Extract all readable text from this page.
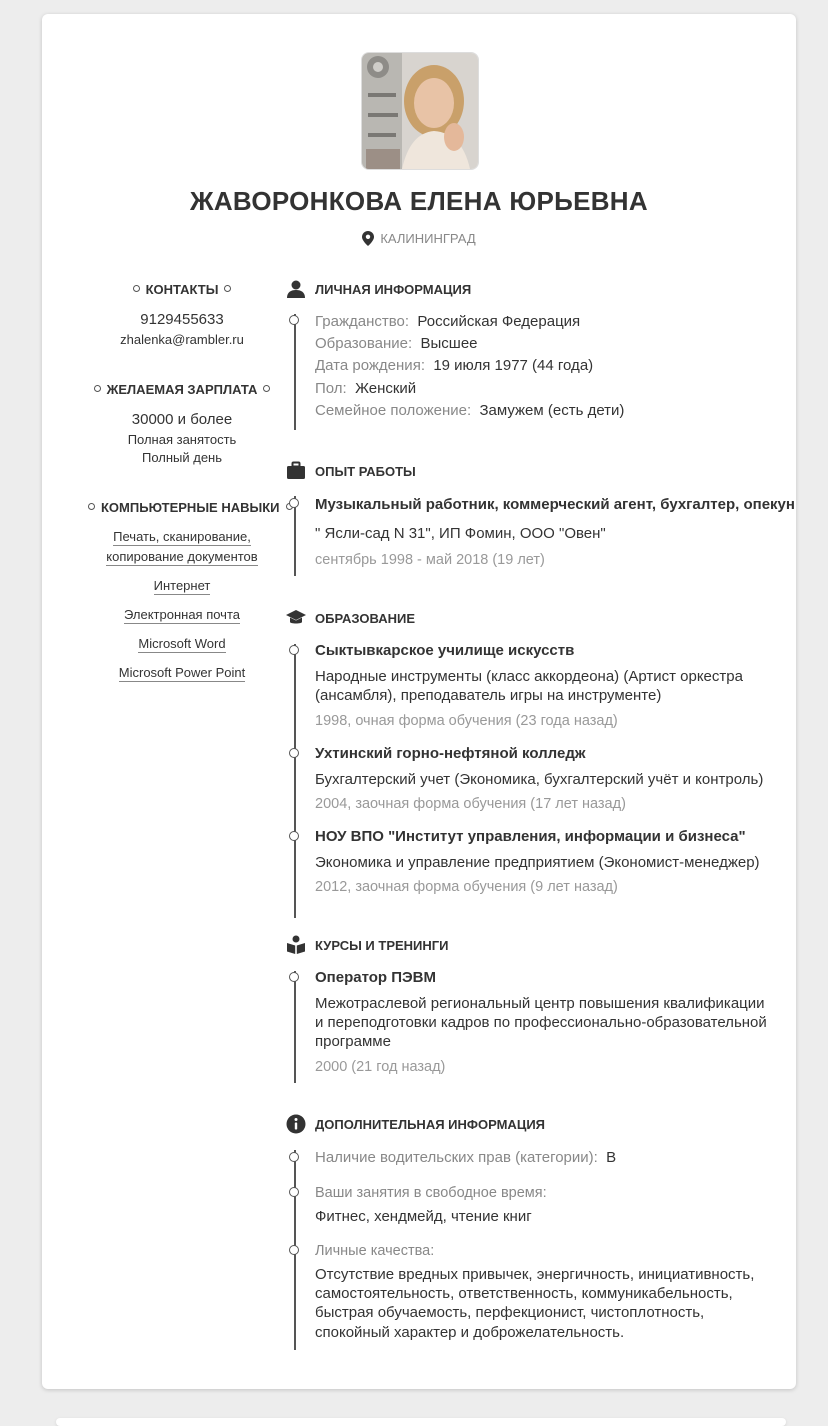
ЖАВОРОНКОВА ЕЛЕНА ЮРЬЕВНА
КАЛИНИНГРАД
КОНТАКТЫ
9129455633
zhalenka@rambler.ru
ЖЕЛАЕМАЯ ЗАРПЛАТА
30000 и более
Полная занятость
Полный день
КОМПЬЮТЕРНЫЕ НАВЫКИ
Печать, сканирование,
копирование документов
Интернет
Электронная почта
Microsoft Word
Microsoft Power Point
ЛИЧНАЯ ИНФОРМАЦИЯ
Гражданство: Российская Федерация
Образование: Высшее
Дата рождения: 19 июля 1977 (44 года)
Пол: Женский
Семейное положение: Замужем (есть дети)
ОПЫТ РАБОТЫ
Музыкальный работник, коммерческий агент, бухгалтер, опекун
" Ясли-сад N 31", ИП Фомин, ООО "Овен"
сентябрь 1998 - май 2018 (19 лет)
ОБРАЗОВАНИЕ
Сыктывкарское училище искусств
Народные инструменты (класс аккордеона) (Артист оркестра
(ансамбля), преподаватель игры на инструменте)
1998, очная форма обучения (23 года назад)
Ухтинский горно-нефтяной колледж
Бухгалтерский учет (Экономика, бухгалтерский учёт и контроль)
2004, заочная форма обучения (17 лет назад)
НОУ ВПО "Институт управления, информации и бизнеса"
Экономика и управление предприятием (Экономист-менеджер)
2012, заочная форма обучения (9 лет назад)
КУРСЫ И ТРЕНИНГИ
Оператор ПЭВМ
Межотраслевой региональный центр повышения квалификации
и переподготовки кадров по профессионально-образовательной
программе
2000 (21 год назад)
ДОПОЛНИТЕЛЬНАЯ ИНФОРМАЦИЯ
Наличие водительских прав (категории): B
Ваши занятия в свободное время:
Фитнес, хендмейд, чтение книг
Личные качества:
Отсутствие вредных привычек, энергичность, инициативность,
самостоятельность, ответственность, коммуникабельность,
быстрая обучаемость, перфекционист, чистоплотность,
спокойный характер и доброжелательность.
